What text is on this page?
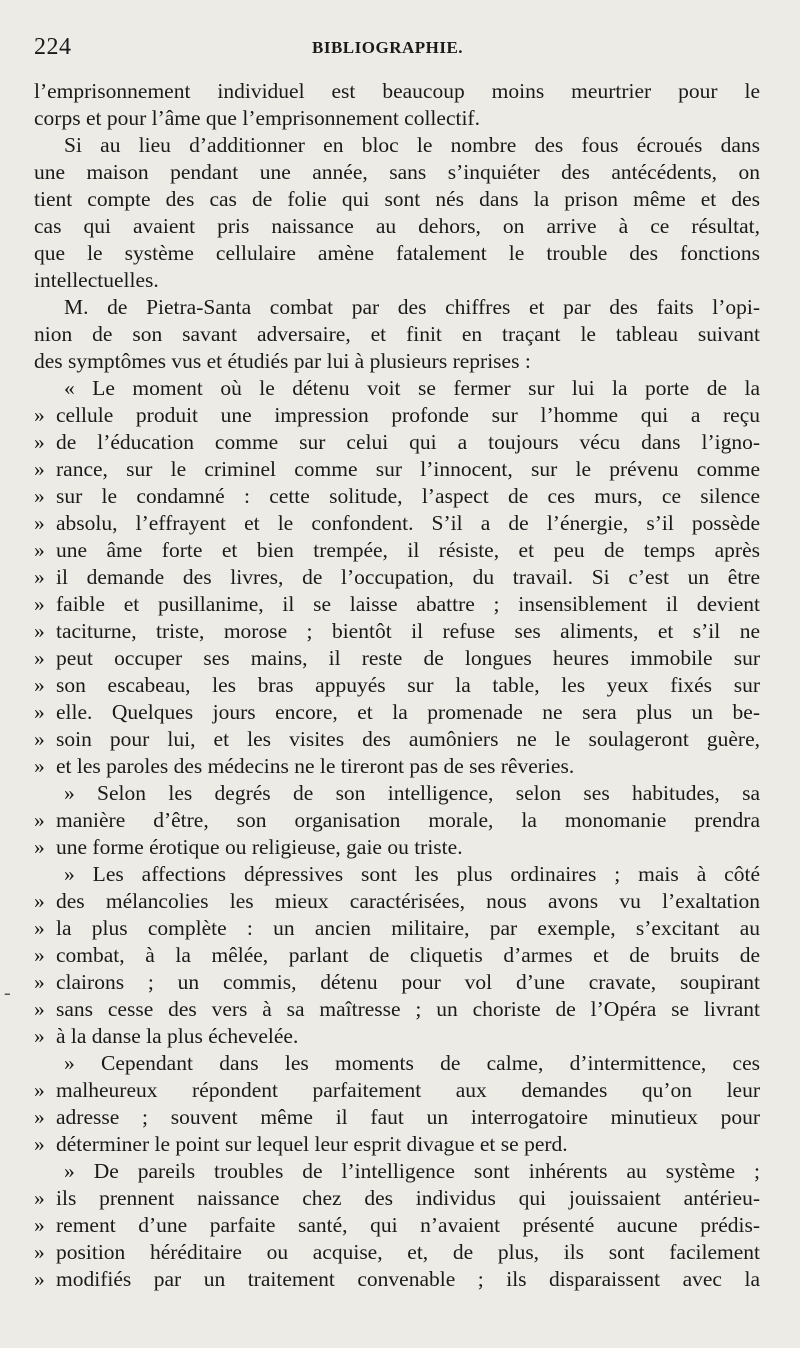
224	BIBLIOGRAPHIE.
-
l’emprisonnement individuel est beaucoup moins meurtrier pour le
corps et pour l’âme que l’emprisonnement collectif.
Si au lieu d’additionner en bloc le nombre des fous écroués dans
une maison pendant une année, sans s’inquiéter des antécédents, on
tient compte des cas de folie qui sont nés dans la prison même et des
cas qui avaient pris naissance au dehors, on arrive à ce résultat,
que le système cellulaire amène fatalement le trouble des fonctions
intellectuelles.
M. de Pietra-Santa combat par des chiffres et par des faits l’opi-
nion de son savant adversaire, et finit en traçant le tableau suivant
des symptômes vus et étudiés par lui à plusieurs reprises :
« Le moment où le détenu voit se fermer sur lui la porte de la
» cellule produit une impression profonde sur l’homme qui a reçu
» de l’éducation comme sur celui qui a toujours vécu dans l’igno-
» rance, sur le criminel comme sur l’innocent, sur le prévenu comme
» sur le condamné : cette solitude, l’aspect de ces murs, ce silence
» absolu, l’effrayent et le confondent. S’il a de l’énergie, s’il possède
» une âme forte et bien trempée, il résiste, et peu de temps après
» il demande des livres, de l’occupation, du travail. Si c’est un être
» faible et pusillanime, il se laisse abattre ; insensiblement il devient
» taciturne, triste, morose ; bientôt il refuse ses aliments, et s’il ne
» peut occuper ses mains, il reste de longues heures immobile sur
» son escabeau, les bras appuyés sur la table, les yeux fixés sur
» elle. Quelques jours encore, et la promenade ne sera plus un be-
» soin pour lui, et les visites des aumôniers ne le soulageront guère,
» et les paroles des médecins ne le tireront pas de ses rêveries.
» Selon les degrés de son intelligence, selon ses habitudes, sa
» manière d’être, son organisation morale, la monomanie prendra
» une forme érotique ou religieuse, gaie ou triste.
» Les affections dépressives sont les plus ordinaires ; mais à côté
» des mélancolies les mieux caractérisées, nous avons vu l’exaltation
» la plus complète : un ancien militaire, par exemple, s’excitant au
» combat, à la mêlée, parlant de cliquetis d’armes et de bruits de
» clairons ; un commis, détenu pour vol d’une cravate, soupirant
» sans cesse des vers à sa maîtresse ; un choriste de l’Opéra se livrant
» à la danse la plus échevelée.
» Cependant dans les moments de calme, d’intermittence, ces
» malheureux répondent parfaitement aux demandes qu’on leur
» adresse ; souvent même il faut un interrogatoire minutieux pour
» déterminer le point sur lequel leur esprit divague et se perd.
» De pareils troubles de l’intelligence sont inhérents au système ;
» ils prennent naissance chez des individus qui jouissaient antérieu-
» rement d’une parfaite santé, qui n’avaient présenté aucune prédis-
» position héréditaire ou acquise, et, de plus, ils sont facilement
» modifiés par un traitement convenable ; ils disparaissent avec la
